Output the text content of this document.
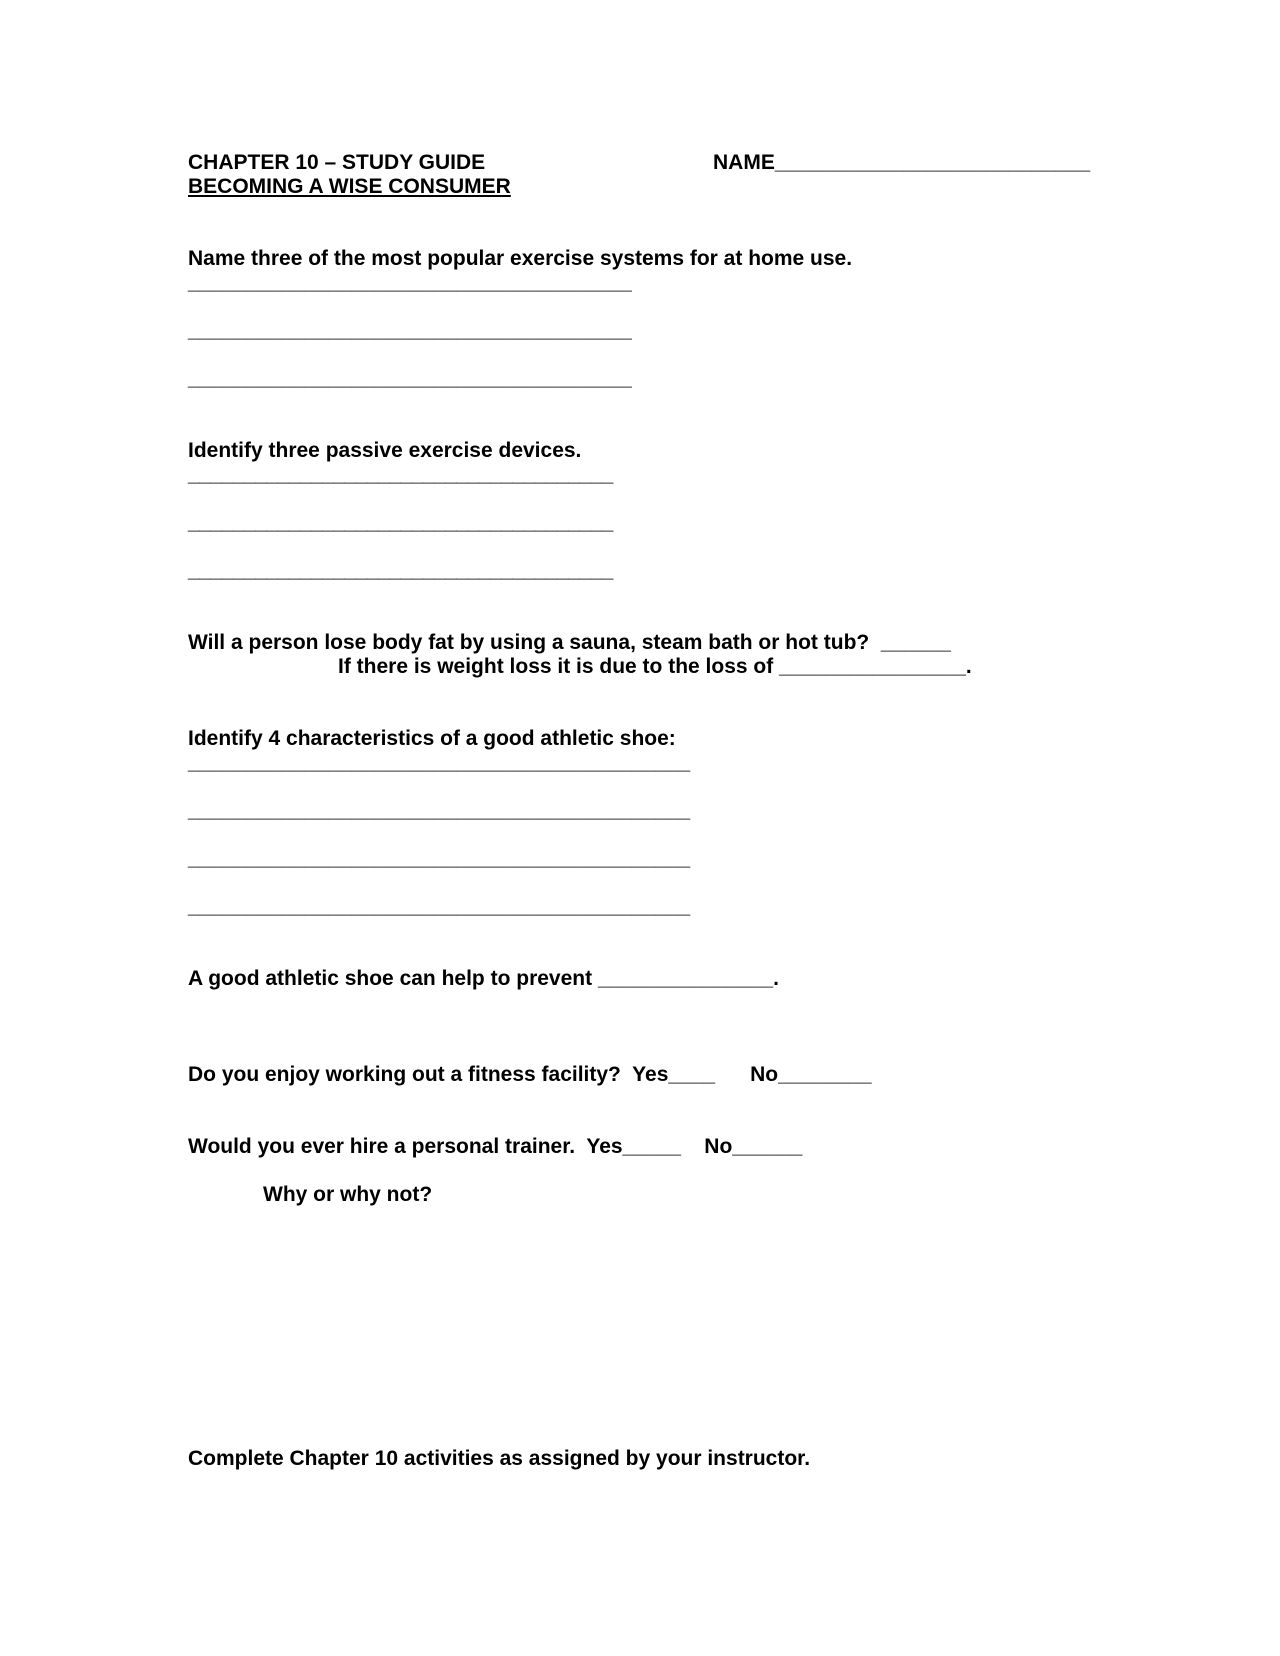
CHAPTER 10 – STUDY GUIDE	NAME___________________________
BECOMING A WISE CONSUMER
Name three of the most popular exercise systems for at home use.
______________________________________
______________________________________
______________________________________
Identify three passive exercise devices.
______________________________________
______________________________________
______________________________________
Will a person lose body fat by using a sauna, steam bath or hot tub?  ______
If there is weight loss it is due to the loss of ________________.
Identify 4 characteristics of a good athletic shoe:
___________________________________________
___________________________________________
___________________________________________
___________________________________________
A good athletic shoe can help to prevent _______________.
Do you enjoy working out a fitness facility?  Yes____      No________
Would you ever hire a personal trainer.  Yes_____    No______
Why or why not?
Complete Chapter 10 activities as assigned by your instructor.
